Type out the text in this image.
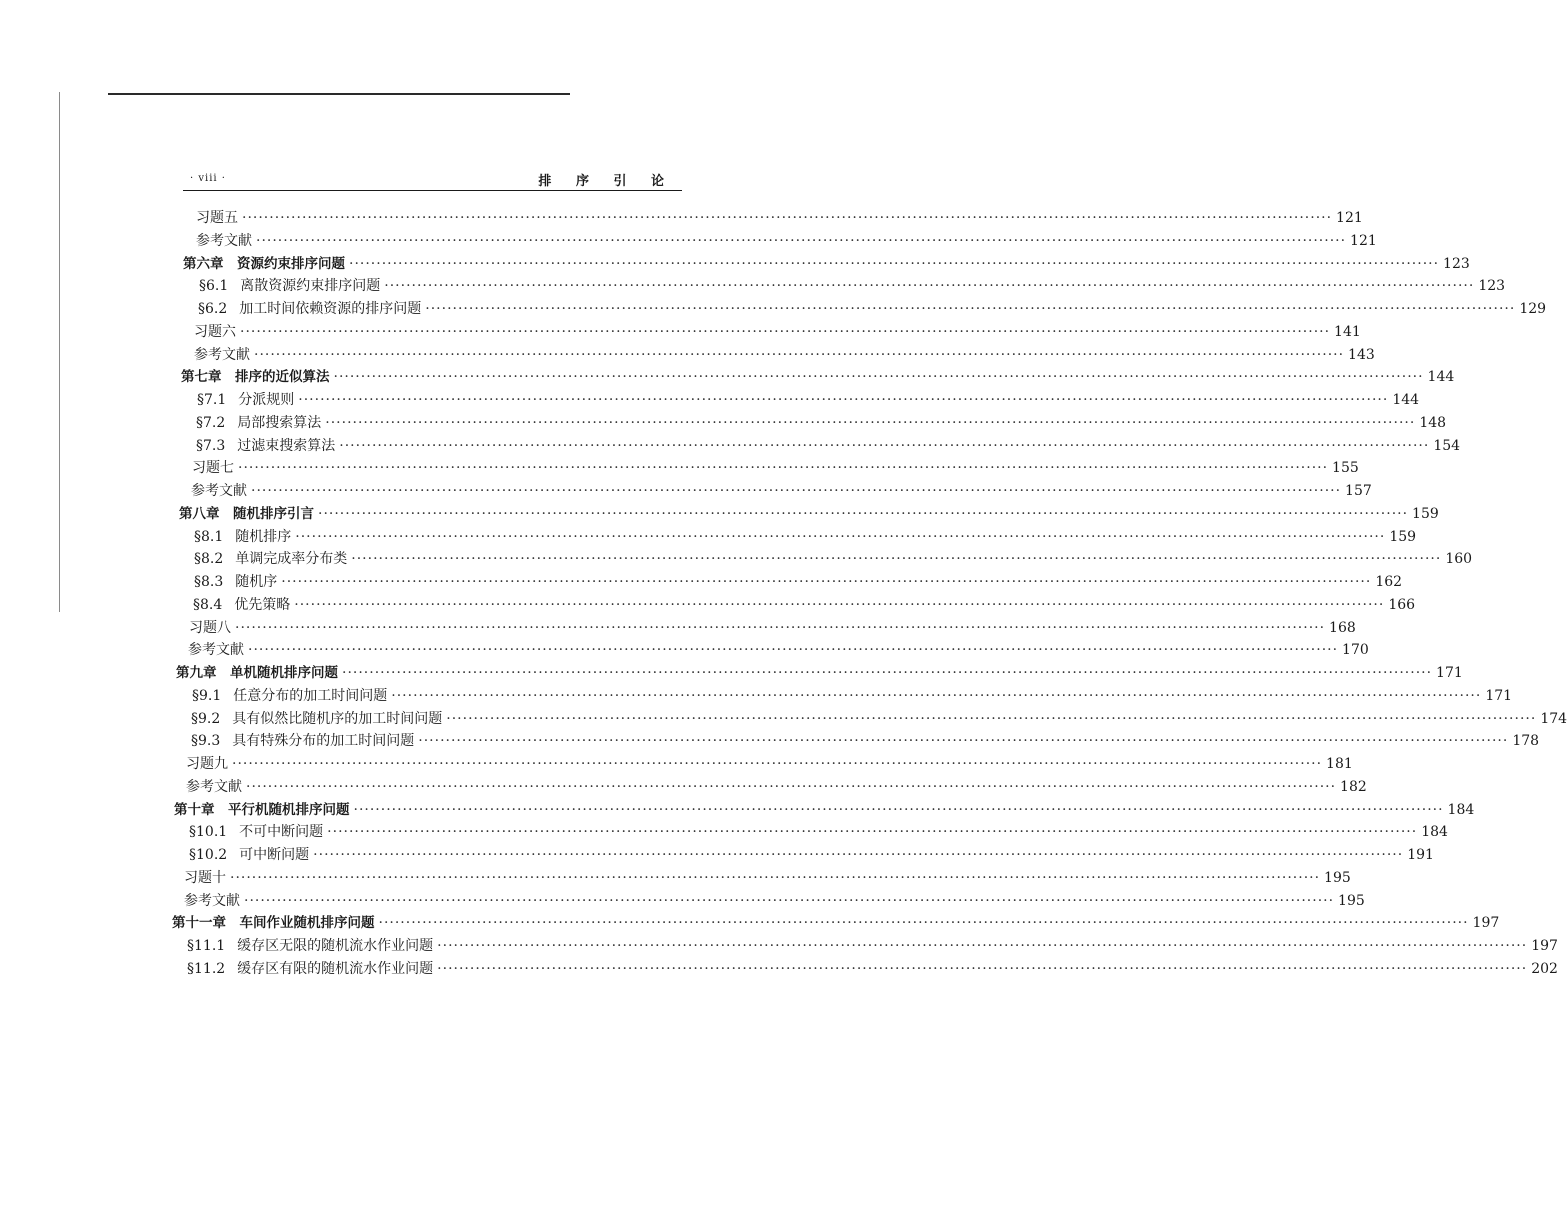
· viii ·	排 序 引 论
习题五 ········································································································································································································ 121
参考文献 ········································································································································································································ 121
第六章　资源约束排序问题 ········································································································································································································ 123
§6.1 离散资源约束排序问题 ········································································································································································································ 123
§6.2 加工时间依赖资源的排序问题 ········································································································································································································ 129
习题六 ········································································································································································································ 141
参考文献 ········································································································································································································ 143
第七章　排序的近似算法 ········································································································································································································ 144
§7.1 分派规则 ········································································································································································································ 144
§7.2 局部搜索算法 ········································································································································································································ 148
§7.3 过滤束搜索算法 ········································································································································································································ 154
习题七 ········································································································································································································ 155
参考文献 ········································································································································································································ 157
第八章　随机排序引言 ········································································································································································································ 159
§8.1 随机排序 ········································································································································································································ 159
§8.2 单调完成率分布类 ········································································································································································································ 160
§8.3 随机序 ········································································································································································································ 162
§8.4 优先策略 ········································································································································································································ 166
习题八 ········································································································································································································ 168
参考文献 ········································································································································································································ 170
第九章　单机随机排序问题 ········································································································································································································ 171
§9.1 任意分布的加工时间问题 ········································································································································································································ 171
§9.2 具有似然比随机序的加工时间问题 ········································································································································································································ 174
§9.3 具有特殊分布的加工时间问题 ········································································································································································································ 178
习题九 ········································································································································································································ 181
参考文献 ········································································································································································································ 182
第十章　平行机随机排序问题 ········································································································································································································ 184
§10.1 不可中断问题 ········································································································································································································ 184
§10.2 可中断问题 ········································································································································································································ 191
习题十 ········································································································································································································ 195
参考文献 ········································································································································································································ 195
第十一章　车间作业随机排序问题 ········································································································································································································ 197
§11.1 缓存区无限的随机流水作业问题 ········································································································································································································ 197
§11.2 缓存区有限的随机流水作业问题 ········································································································································································································ 202
